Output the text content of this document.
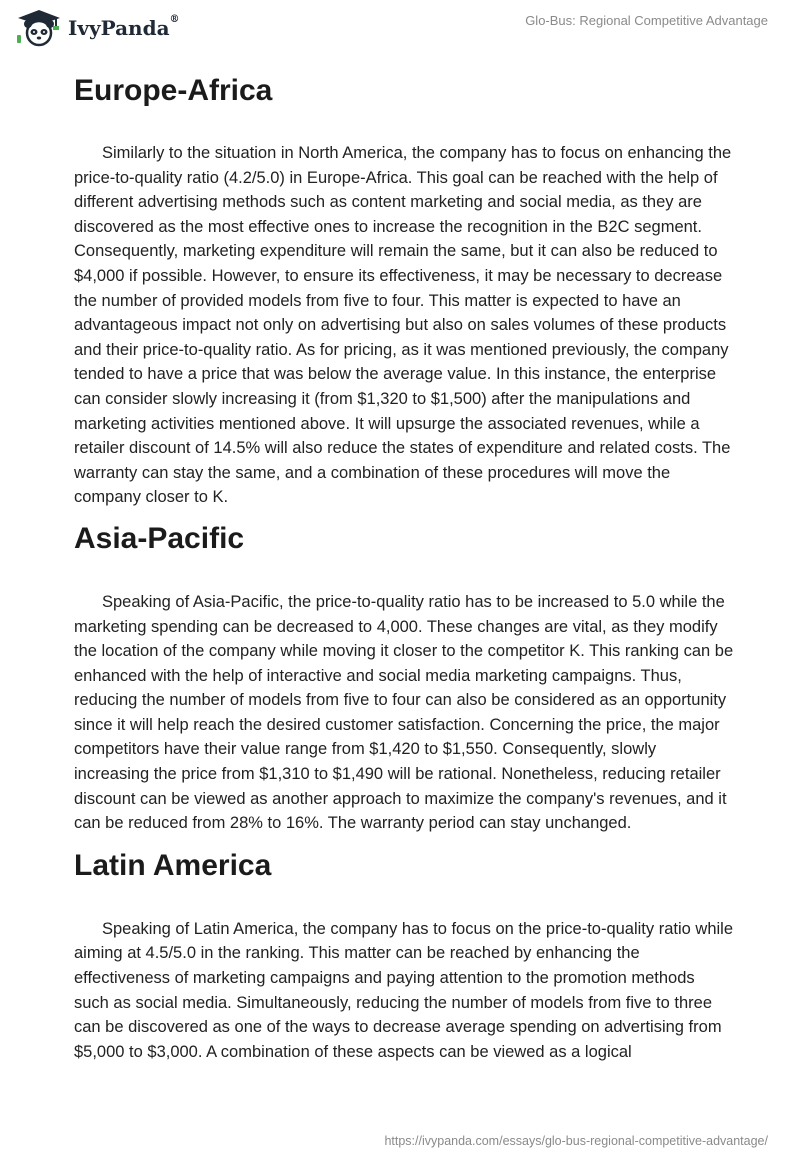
IvyPanda®	Glo-Bus: Regional Competitive Advantage
Europe-Africa

Similarly to the situation in North America, the company has to focus on enhancing the price-to-quality ratio (4.2/5.0) in Europe-Africa. This goal can be reached with the help of different advertising methods such as content marketing and social media, as they are discovered as the most effective ones to increase the recognition in the B2C segment. Consequently, marketing expenditure will remain the same, but it can also be reduced to $4,000 if possible. However, to ensure its effectiveness, it may be necessary to decrease the number of provided models from five to four. This matter is expected to have an advantageous impact not only on advertising but also on sales volumes of these products and their price-to-quality ratio. As for pricing, as it was mentioned previously, the company tended to have a price that was below the average value. In this instance, the enterprise can consider slowly increasing it (from $1,320 to $1,500) after the manipulations and marketing activities mentioned above. It will upsurge the associated revenues, while a retailer discount of 14.5% will also reduce the states of expenditure and related costs. The warranty can stay the same, and a combination of these procedures will move the company closer to K.

Asia-Pacific

Speaking of Asia-Pacific, the price-to-quality ratio has to be increased to 5.0 while the marketing spending can be decreased to 4,000. These changes are vital, as they modify the location of the company while moving it closer to the competitor K. This ranking can be enhanced with the help of interactive and social media marketing campaigns. Thus, reducing the number of models from five to four can also be considered as an opportunity since it will help reach the desired customer satisfaction. Concerning the price, the major competitors have their value range from $1,420 to $1,550. Consequently, slowly increasing the price from $1,310 to $1,490 will be rational. Nonetheless, reducing retailer discount can be viewed as another approach to maximize the company's revenues, and it can be reduced from 28% to 16%. The warranty period can stay unchanged.

Latin America

Speaking of Latin America, the company has to focus on the price-to-quality ratio while aiming at 4.5/5.0 in the ranking. This matter can be reached by enhancing the effectiveness of marketing campaigns and paying attention to the promotion methods such as social media. Simultaneously, reducing the number of models from five to three can be discovered as one of the ways to decrease average spending on advertising from $5,000 to $3,000. A combination of these aspects can be viewed as a logical

https://ivypanda.com/essays/glo-bus-regional-competitive-advantage/
